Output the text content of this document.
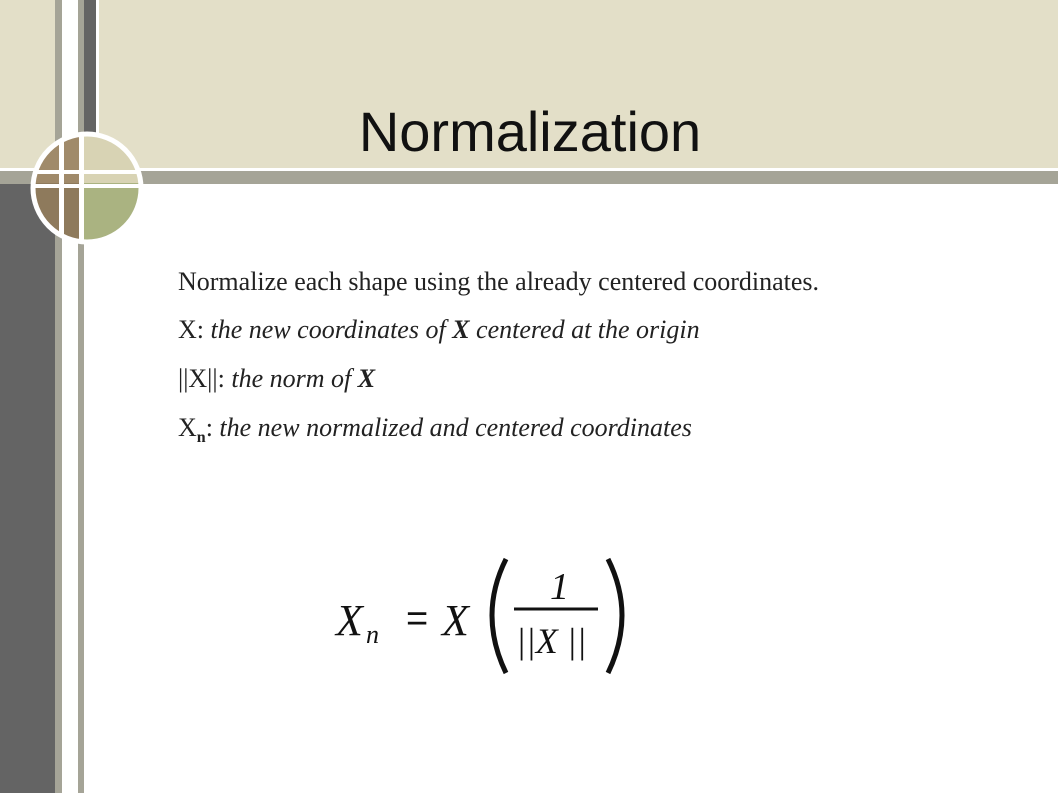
Normalization

Normalize each shape using the already centered coordinates.

X: the new coordinates of X centered at the origin

||X||: the norm of X

$X_n$: the new normalized and centered coordinates

X n = X
1
||X ||
